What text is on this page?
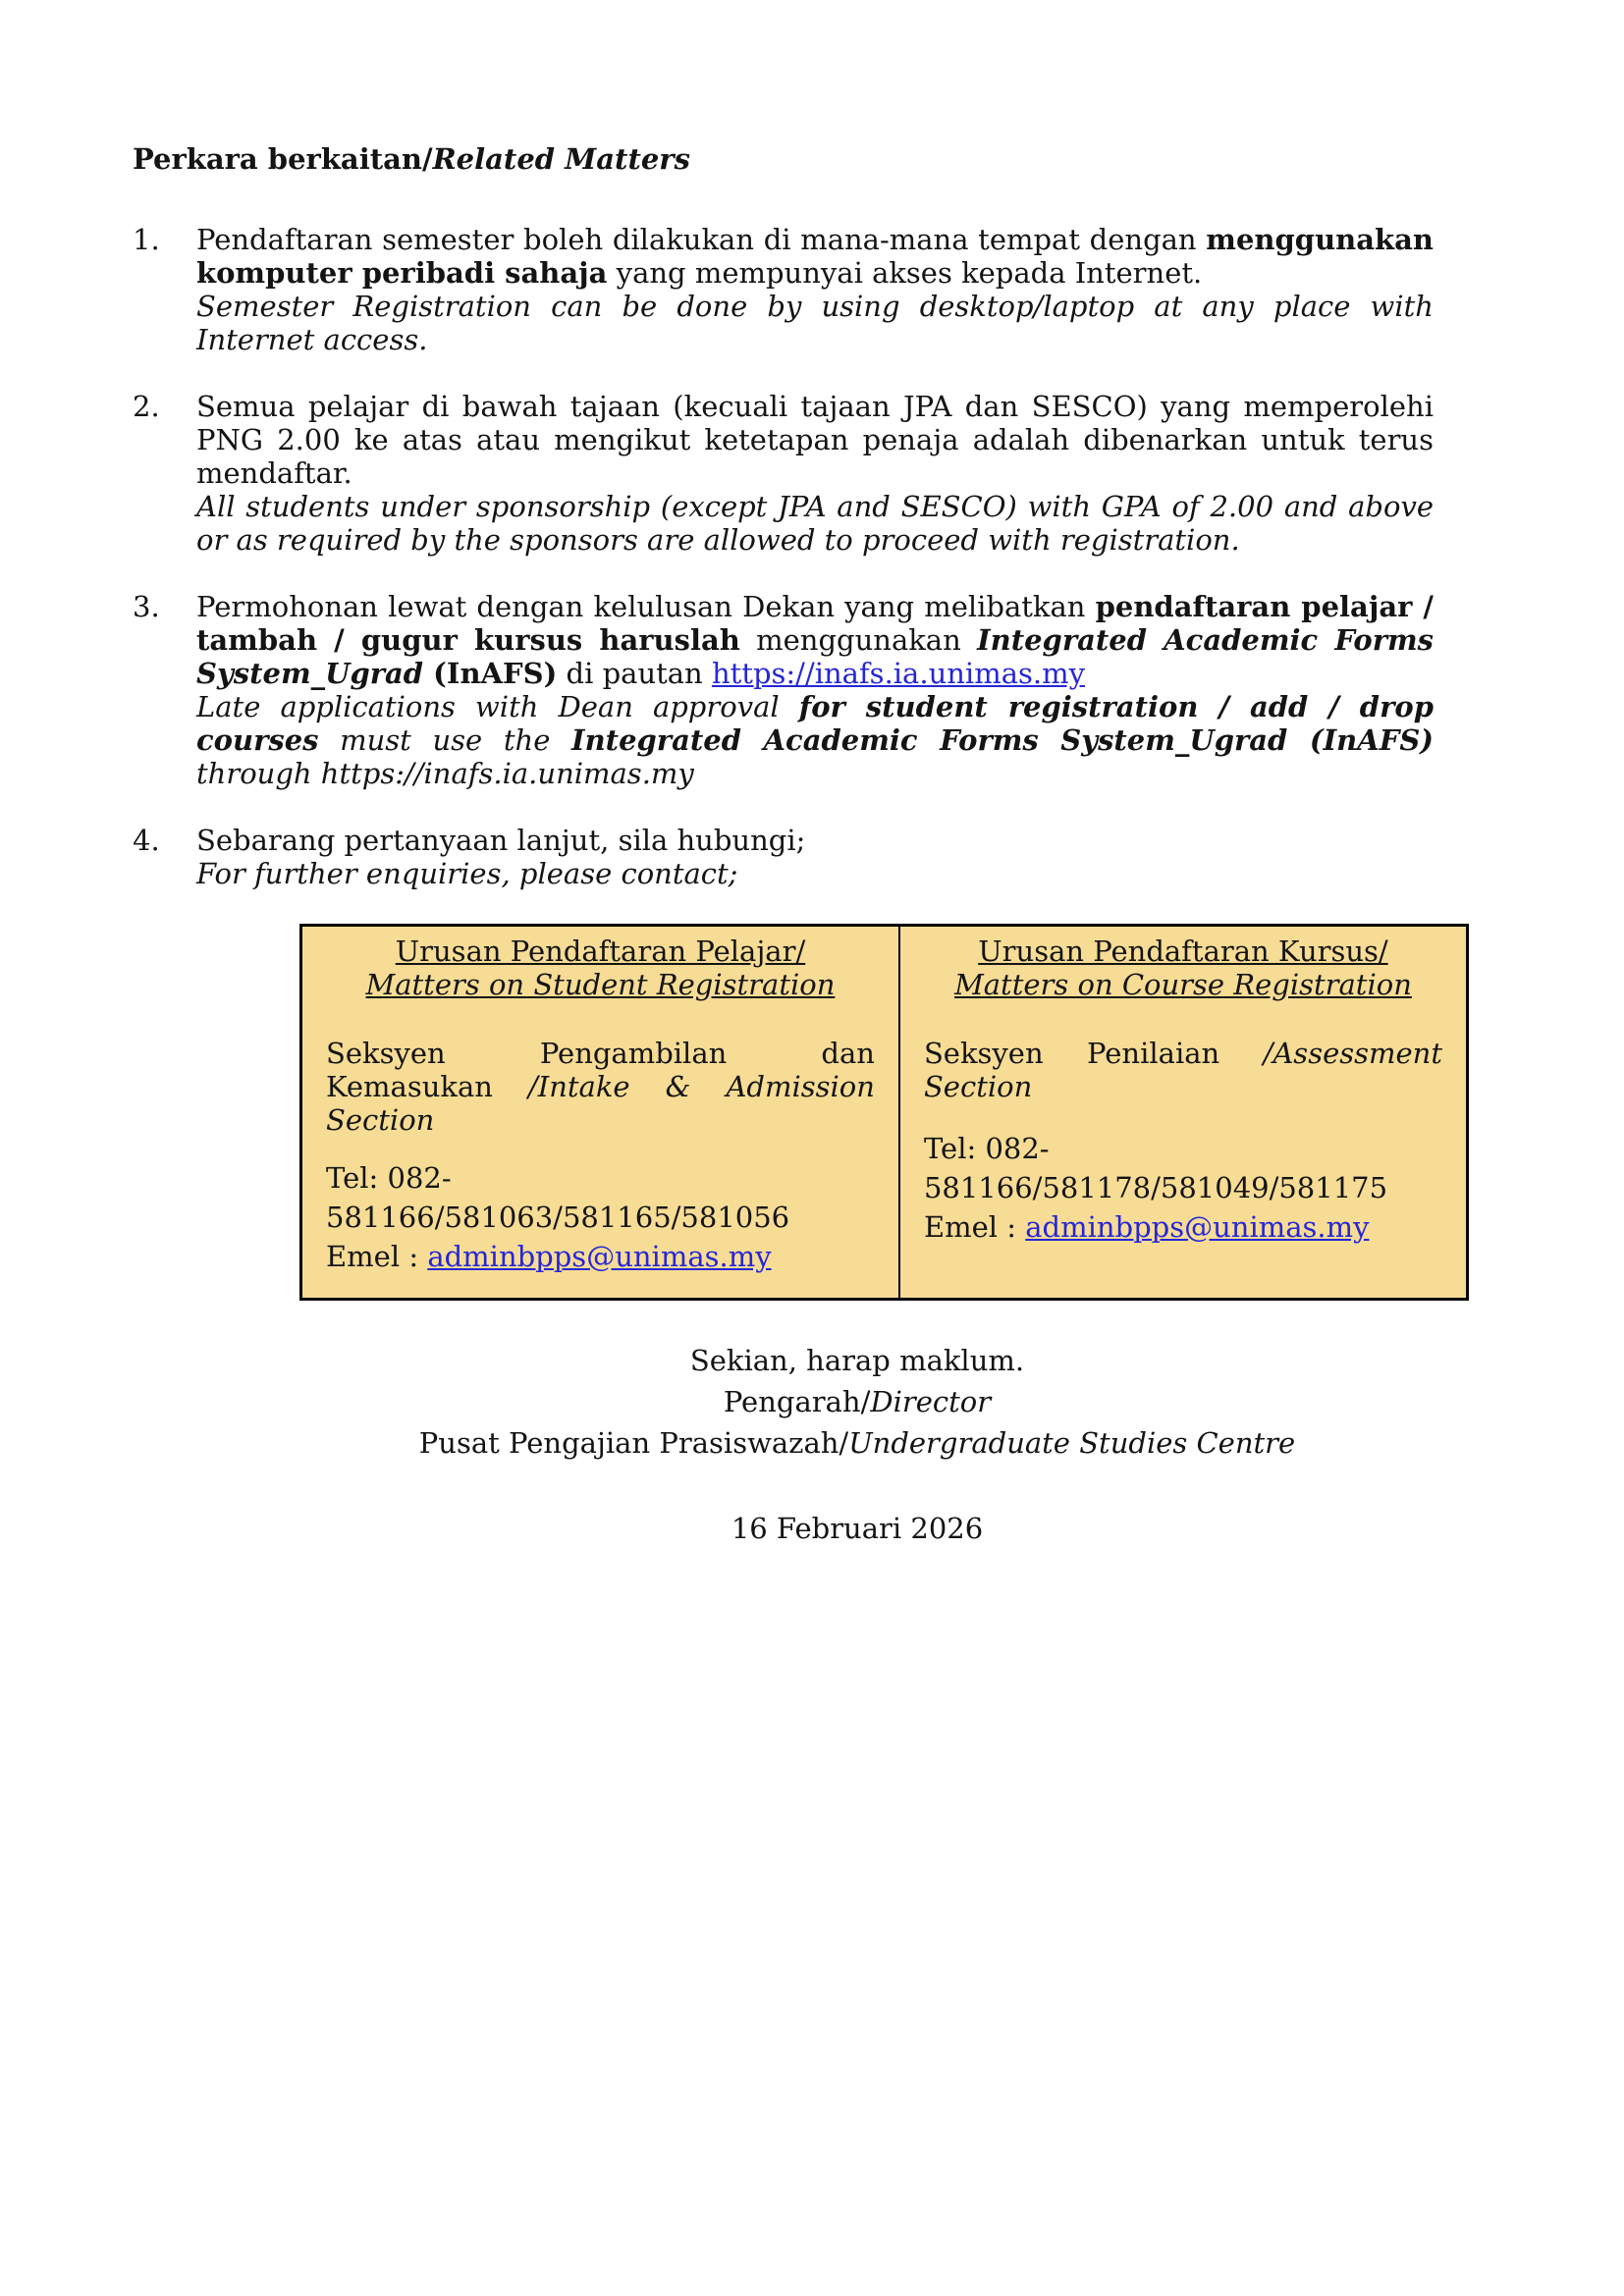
Perkara berkaitan/Related Matters
1.	Pendaftaran semester boleh dilakukan di mana-mana tempat dengan menggunakan komputer peribadi sahaja yang mempunyai akses kepada Internet.

Semester Registration can be done by using desktop/laptop at any place with Internet access.

2.	Semua pelajar di bawah tajaan (kecuali tajaan JPA dan SESCO) yang memperolehi PNG 2.00 ke atas atau mengikut ketetapan penaja adalah dibenarkan untuk terus mendaftar.

All students under sponsorship (except JPA and SESCO) with GPA of 2.00 and above or as required by the sponsors are allowed to proceed with registration.

3.	Permohonan lewat dengan kelulusan Dekan yang melibatkan pendaftaran pelajar / tambah / gugur kursus haruslah menggunakan Integrated Academic Forms System_Ugrad (InAFS) di pautan https://inafs.ia.unimas.my

Late applications with Dean approval for student registration / add / drop courses must use the Integrated Academic Forms System_Ugrad (InAFS) through https://inafs.ia.unimas.my

4.	Sebarang pertanyaan lanjut, sila hubungi;

For further enquiries, please contact;

Urusan Pendaftaran Pelajar/
Matters on Student Registration
Seksyen Pengambilan dan Kemasukan /Intake & Admission Section
Tel: 082-581166/581063/581165/581056
Emel : adminbpps@unimas.my

Urusan Pendaftaran Kursus/
Matters on Course Registration
Seksyen Penilaian /Assessment Section
Tel: 082-581166/581178/581049/581175
Emel : adminbpps@unimas.my
Sekian, harap maklum.
Pengarah/Director
Pusat Pengajian Prasiswazah/Undergraduate Studies Centre
16 Februari 2026
